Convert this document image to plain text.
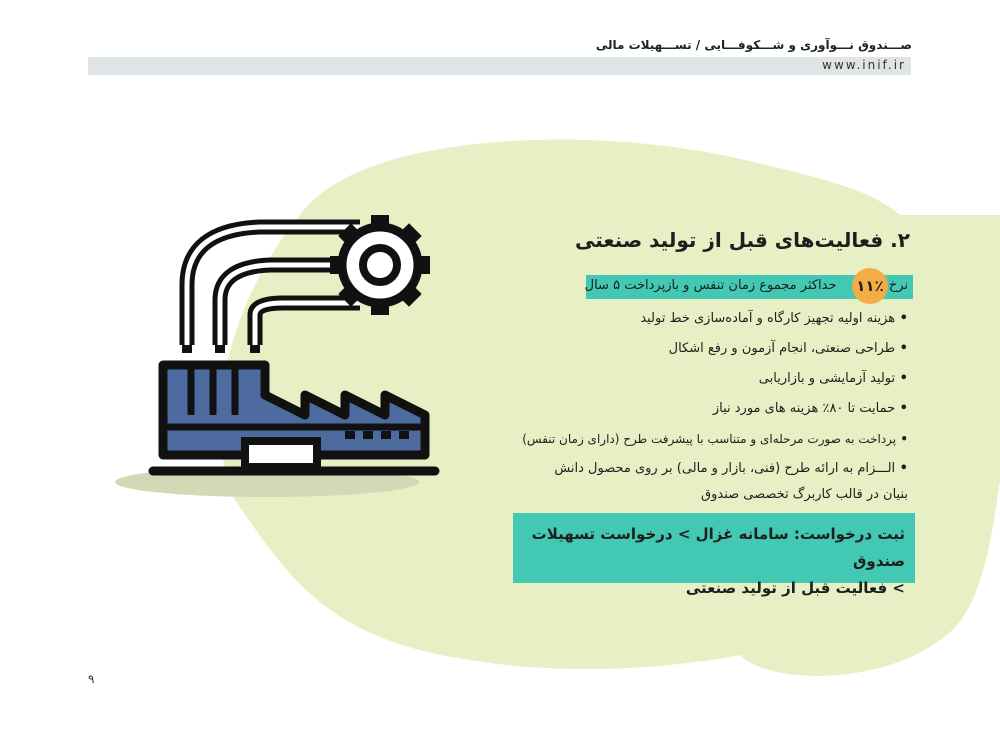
صـــندوق نـــوآوری و شـــکوفـــایی / تســـهیلات مالی
www.inif.ir
۲. فعالیت‌های قبل از تولید صنعتی
نرخ  حداکثر مجموع زمان تنفس و بازپرداخت ۵ سال	۱۱٪
• هزینه اولیه تجهیز کارگاه و آماده‌سازی خط تولید
• طراحی صنعتی، انجام آزمون و رفع اشکال
• تولید آزمایشی و بازاریابی
• حمایت تا ۸۰٪ هزینه های مورد نیاز
• پرداخت به صورت مرحله‌ای و متناسب با پیشرفت طرح (دارای زمان تنفس)
• الـــزام به ارائه طرح (فنی، بازار و مالی) بر روی محصول دانش بنیان در قالب کاربرگ تخصصی صندوق
ثبت درخواست: سامانه غزال > درخواست تسهیلات صندوق
> فعالیت قبل از تولید صنعتی
۹
